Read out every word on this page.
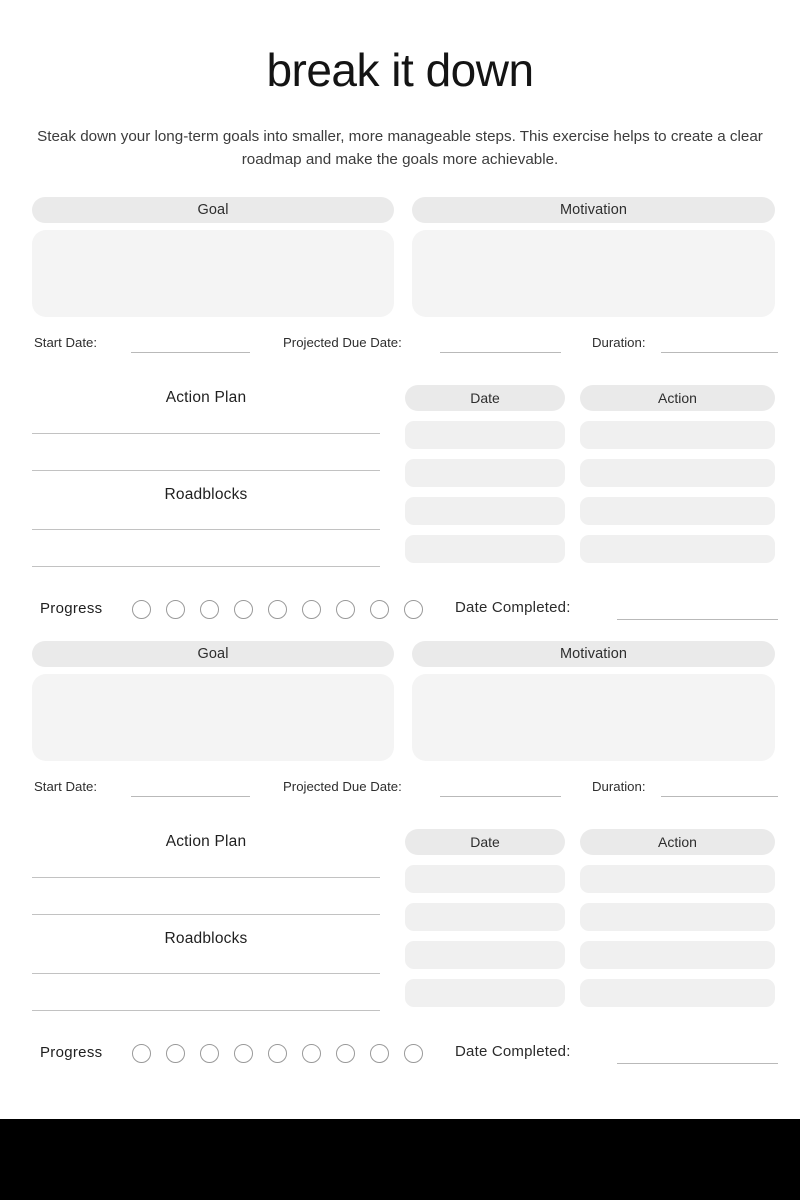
break it down

Steak down your long-term goals into smaller, more manageable steps. This exercise helps to create a clear roadmap and make the goals more achievable.

Goal	Motivation
Start Date:	Projected Due Date:	Duration:
Action Plan
Roadblocks
Date	Action
Progress	Date Completed:
Goal	Motivation
Start Date:	Projected Due Date:	Duration:
Action Plan
Roadblocks
Date	Action
Progress	Date Completed:
